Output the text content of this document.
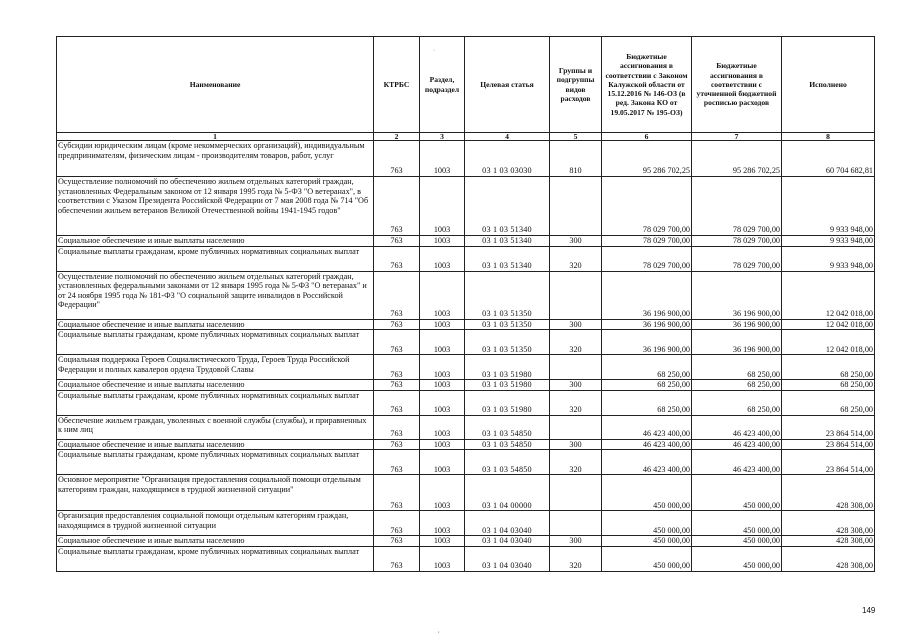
Наименование	КТРБС	Раздел, подраздел	Целевая статья	Группы и подгруппы видов расходов	Бюджетные ассигнования в соответствии с Законом Калужской области от 15.12.2016 № 146-ОЗ (в ред. Закона КО от 19.05.2017 № 195-ОЗ)	Бюджетные ассигнования в соответствии с уточненной бюджетной росписью расходов	Исполнено
1	2	3	4	5	6	7	8
Субсидии юридическим лицам (кроме некоммерческих организаций), индивидуальным предпринимателям, физическим лицам - производителям товаров, работ, услуг	763	1003	03 1 03 03030	810	95 286 702,25	95 286 702,25	60 704 682,81
Осуществление полномочий по обеспечению жильем отдельных категорий граждан, установленных Федеральным законом от 12 января 1995 года № 5-ФЗ "О ветеранах", в соответствии с Указом Президента Российской Федерации от 7 мая 2008 года № 714 "Об обеспечении жильем ветеранов Великой Отечественной войны 1941-1945 годов"	763	1003	03 1 03 51340		78 029 700,00	78 029 700,00	9 933 948,00
Социальное обеспечение и иные выплаты населению	763	1003	03 1 03 51340	300	78 029 700,00	78 029 700,00	9 933 948,00
Социальные выплаты гражданам, кроме публичных нормативных социальных выплат	763	1003	03 1 03 51340	320	78 029 700,00	78 029 700,00	9 933 948,00
Осуществление полномочий по обеспечению жильем отдельных категорий граждан, установленных федеральными законами от 12 января 1995 года № 5-ФЗ "О ветеранах" и от 24 ноября 1995 года № 181-ФЗ "О социальной защите инвалидов в Российской Федерации"	763	1003	03 1 03 51350		36 196 900,00	36 196 900,00	12 042 018,00
Социальное обеспечение и иные выплаты населению	763	1003	03 1 03 51350	300	36 196 900,00	36 196 900,00	12 042 018,00
Социальные выплаты гражданам, кроме публичных нормативных социальных выплат	763	1003	03 1 03 51350	320	36 196 900,00	36 196 900,00	12 042 018,00
Социальная поддержка Героев Социалистического Труда, Героев Труда Российской Федерации и полных кавалеров ордена Трудовой Славы	763	1003	03 1 03 51980		68 250,00	68 250,00	68 250,00
Социальное обеспечение и иные выплаты населению	763	1003	03 1 03 51980	300	68 250,00	68 250,00	68 250,00
Социальные выплаты гражданам, кроме публичных нормативных социальных выплат	763	1003	03 1 03 51980	320	68 250,00	68 250,00	68 250,00
Обеспечение жильем граждан, уволенных с военной службы (службы), и приравненных к ним лиц	763	1003	03 1 03 54850		46 423 400,00	46 423 400,00	23 864 514,00
Социальное обеспечение и иные выплаты населению	763	1003	03 1 03 54850	300	46 423 400,00	46 423 400,00	23 864 514,00
Социальные выплаты гражданам, кроме публичных нормативных социальных выплат	763	1003	03 1 03 54850	320	46 423 400,00	46 423 400,00	23 864 514,00
Основное мероприятие "Организация предоставления социальной помощи отдельным категориям граждан, находящимся в трудной жизненной ситуации"	763	1003	03 1 04 00000		450 000,00	450 000,00	428 308,00
Организация предоставления социальной помощи отдельным категориям граждан, находящимся в трудной жизненной ситуации	763	1003	03 1 04 03040		450 000,00	450 000,00	428 308,00
Социальное обеспечение и иные выплаты населению	763	1003	03 1 04 03040	300	450 000,00	450 000,00	428 308,00
Социальные выплаты гражданам, кроме публичных нормативных социальных выплат	763	1003	03 1 04 03040	320	450 000,00	450 000,00	428 308,00
·
,
149
